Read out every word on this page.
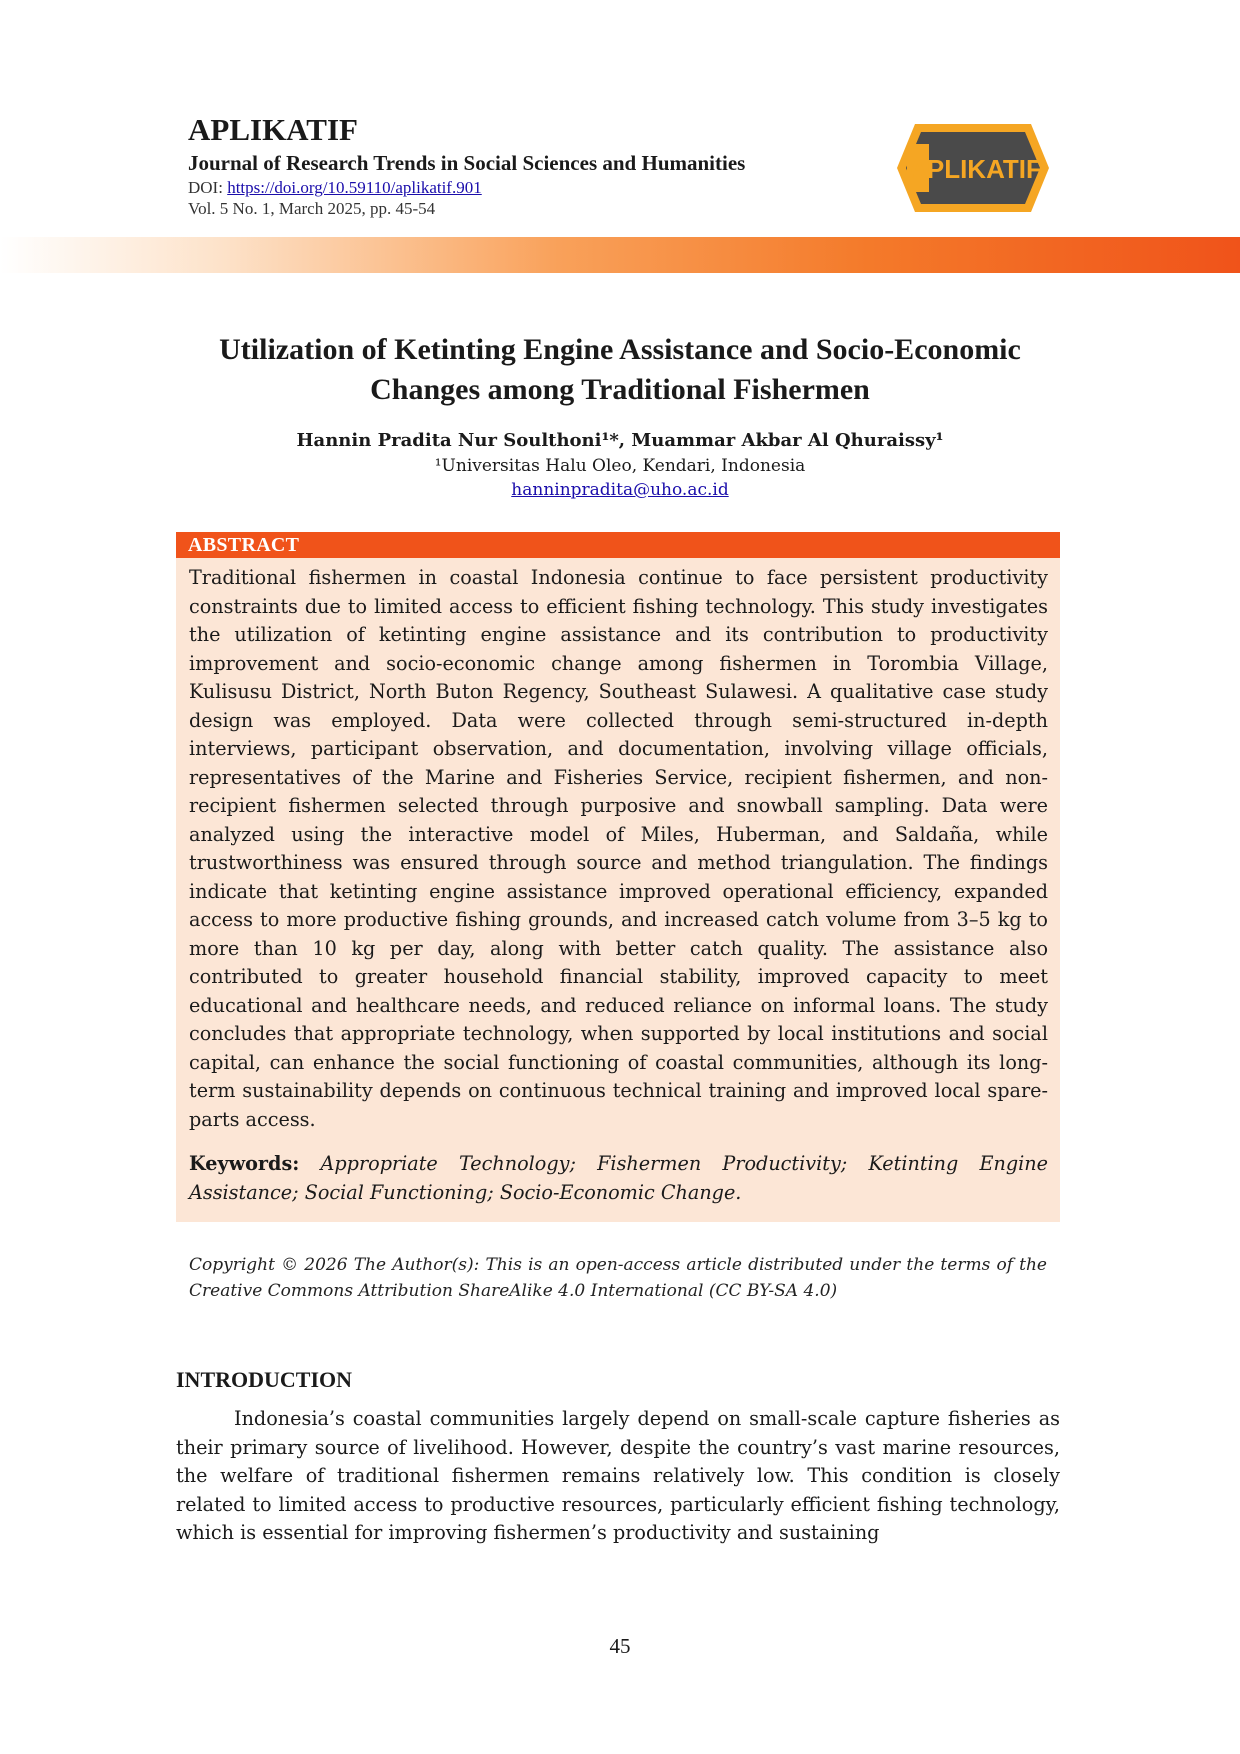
APLIKATIF
Journal of Research Trends in Social Sciences and Humanities
DOI: https://doi.org/10.59110/aplikatif.901
Vol. 5 No. 1, March 2025, pp. 45-54
APLIKATIF
Utilization of Ketinting Engine Assistance and Socio-Economic Changes among Traditional Fishermen
Hannin Pradita Nur Soulthoni¹*, Muammar Akbar Al Qhuraissy¹
¹Universitas Halu Oleo, Kendari, Indonesia
hanninpradita@uho.ac.id
ABSTRACT
Traditional fishermen in coastal Indonesia continue to face persistent productivity constraints due to limited access to efficient fishing technology. This study investigates the utilization of ketinting engine assistance and its contribution to productivity improvement and socio-economic change among fishermen in Torombia Village, Kulisusu District, North Buton Regency, Southeast Sulawesi. A qualitative case study design was employed. Data were collected through semi-structured in-depth interviews, participant observation, and documentation, involving village officials, representatives of the Marine and Fisheries Service, recipient fishermen, and non-recipient fishermen selected through purposive and snowball sampling. Data were analyzed using the interactive model of Miles, Huberman, and Saldaña, while trustworthiness was ensured through source and method triangulation. The findings indicate that ketinting engine assistance improved operational efficiency, expanded access to more productive fishing grounds, and increased catch volume from 3–5 kg to more than 10 kg per day, along with better catch quality. The assistance also contributed to greater household financial stability, improved capacity to meet educational and healthcare needs, and reduced reliance on informal loans. The study concludes that appropriate technology, when supported by local institutions and social capital, can enhance the social functioning of coastal communities, although its long-term sustainability depends on continuous technical training and improved local spare-parts access.
Keywords: Appropriate Technology; Fishermen Productivity; Ketinting Engine Assistance; Social Functioning; Socio-Economic Change.
Copyright © 2026 The Author(s): This is an open-access article distributed under the terms of the Creative Commons Attribution ShareAlike 4.0 International (CC BY-SA 4.0)
INTRODUCTION
Indonesia’s coastal communities largely depend on small-scale capture fisheries as their primary source of livelihood. However, despite the country’s vast marine resources, the welfare of traditional fishermen remains relatively low. This condition is closely related to limited access to productive resources, particularly efficient fishing technology, which is essential for improving fishermen’s productivity and sustaining
45
